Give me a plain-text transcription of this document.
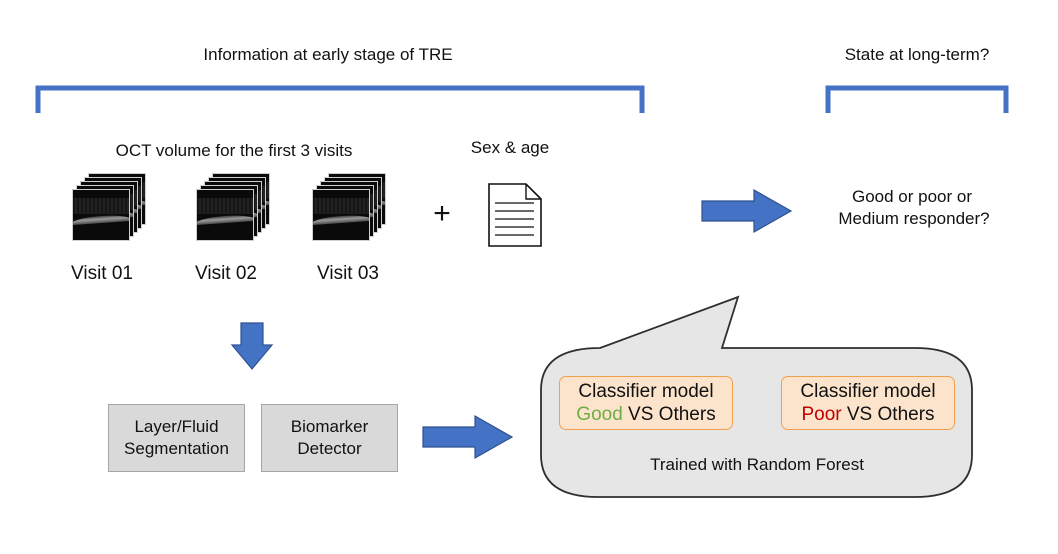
Information at early stage of TRE	State at long-term?
OCT volume for the first 3 visits	Sex & age
Visit 01	Visit 02	Visit 03
+
Good or poor or
Medium responder?
Layer/Fluid
Segmentation
Biomarker
Detector
Classifier model
Good VS Others
Classifier model
Poor VS Others
Trained with Random Forest
